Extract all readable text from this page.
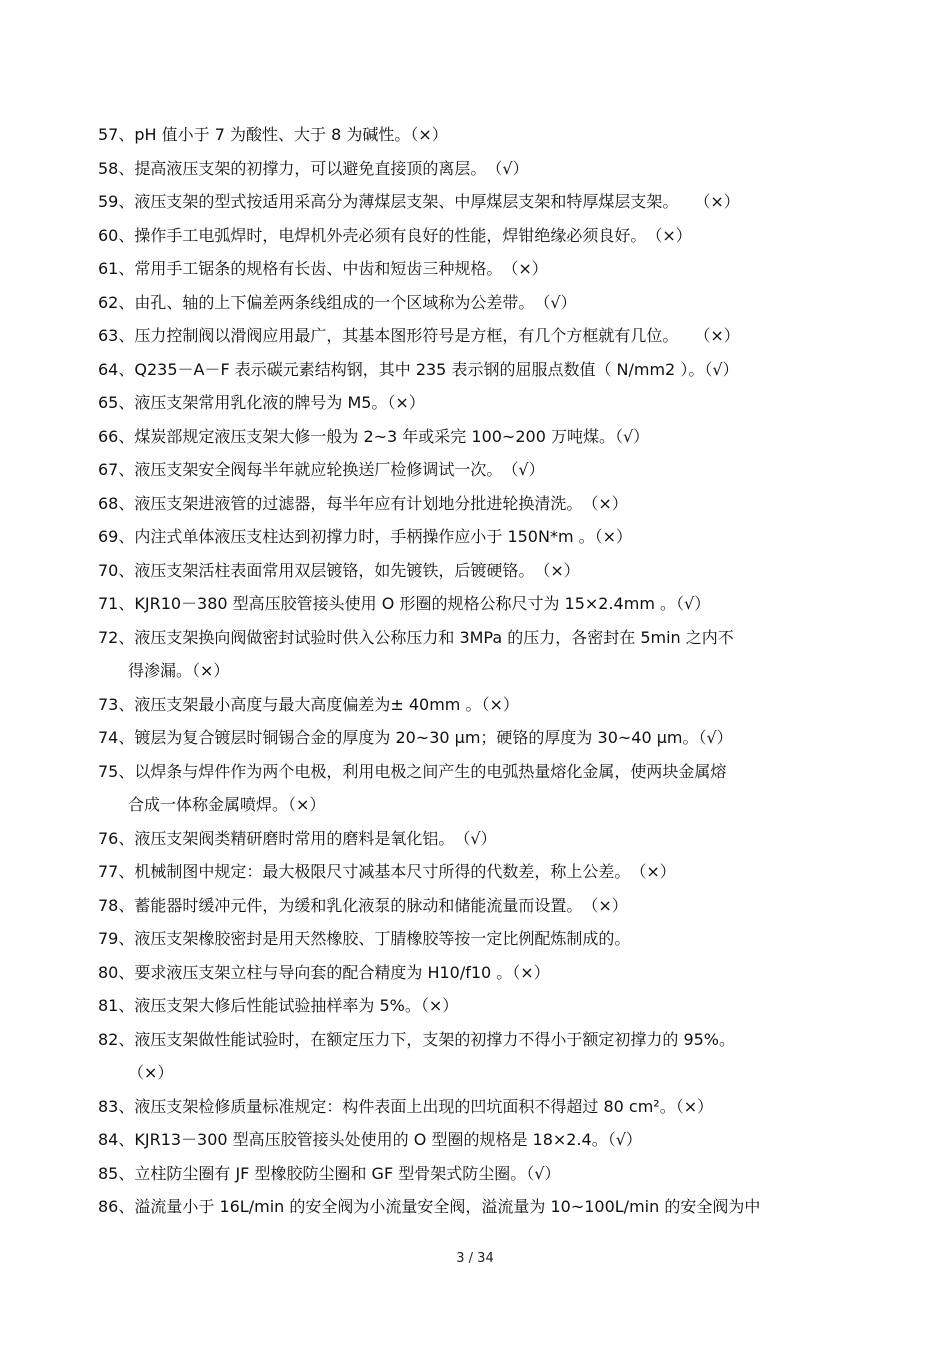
57、pH 值小于 7 为酸性、大于 8 为碱性。（×）
58、提高液压支架的初撑力，可以避免直接顶的离层。　（√）
59、液压支架的型式按适用采高分为薄煤层支架、中厚煤层支架和特厚煤层支架。　　（×）
60、操作手工电弧焊时，电焊机外壳必须有良好的性能，焊钳绝缘必须良好。　（×）
61、常用手工锯条的规格有长齿、中齿和短齿三种规格。　（×）
62、由孔、轴的上下偏差两条线组成的一个区域称为公差带。　（√）
63、压力控制阀以滑阀应用最广，其基本图形符号是方框，有几个方框就有几位。　　（×）
64、Q235－A－F 表示碳元素结构钢，其中 235 表示钢的屈服点数值（ N/mm2 ）。（√）
65、液压支架常用乳化液的牌号为 M5。（×）
66、煤炭部规定液压支架大修一般为 2~3 年或采完 100~200 万吨煤。（√）
67、液压支架安全阀每半年就应轮换送厂检修调试一次。　（√）
68、液压支架进液管的过滤器，每半年应有计划地分批进轮换清洗。　（×）
69、内注式单体液压支柱达到初撑力时，手柄操作应小于 150N*m 。（×）
70、液压支架活柱表面常用双层镀铬，如先镀铁，后镀硬铬。　（×）
71、KJR10－380 型高压胶管接头使用 O 形圈的规格公称尺寸为 15×2.4mm 。（√）
72、液压支架换向阀做密封试验时供入公称压力和 3MPa 的压力，各密封在 5min 之内不
得渗漏。（×）
73、液压支架最小高度与最大高度偏差为± 40mm 。（×）
74、镀层为复合镀层时铜锡合金的厚度为 20~30 μm；硬铬的厚度为 30~40 μm。（√）
75、以焊条与焊件作为两个电极，利用电极之间产生的电弧热量熔化金属，使两块金属熔
合成一体称金属喷焊。（×）
76、液压支架阀类精研磨时常用的磨料是氧化铝。　（√）
77、机械制图中规定：最大极限尺寸减基本尺寸所得的代数差，称上公差。　（×）
78、蓄能器时缓冲元件，为缓和乳化液泵的脉动和储能流量而设置。　（×）
79、液压支架橡胶密封是用天然橡胶、丁腈橡胶等按一定比例配炼制成的。
80、要求液压支架立柱与导向套的配合精度为 H10/f10 。（×）
81、液压支架大修后性能试验抽样率为 5%。（×）
82、液压支架做性能试验时，在额定压力下，支架的初撑力不得小于额定初撑力的 95%。
（×）
83、液压支架检修质量标准规定：构件表面上出现的凹坑面积不得超过 80 cm²。（×）
84、KJR13－300 型高压胶管接头处使用的 O 型圈的规格是 18×2.4。（√）
85、立柱防尘圈有 JF 型橡胶防尘圈和 GF 型骨架式防尘圈。（√）
86、溢流量小于 16L/min 的安全阀为小流量安全阀，溢流量为 10~100L/min 的安全阀为中
3 / 34
